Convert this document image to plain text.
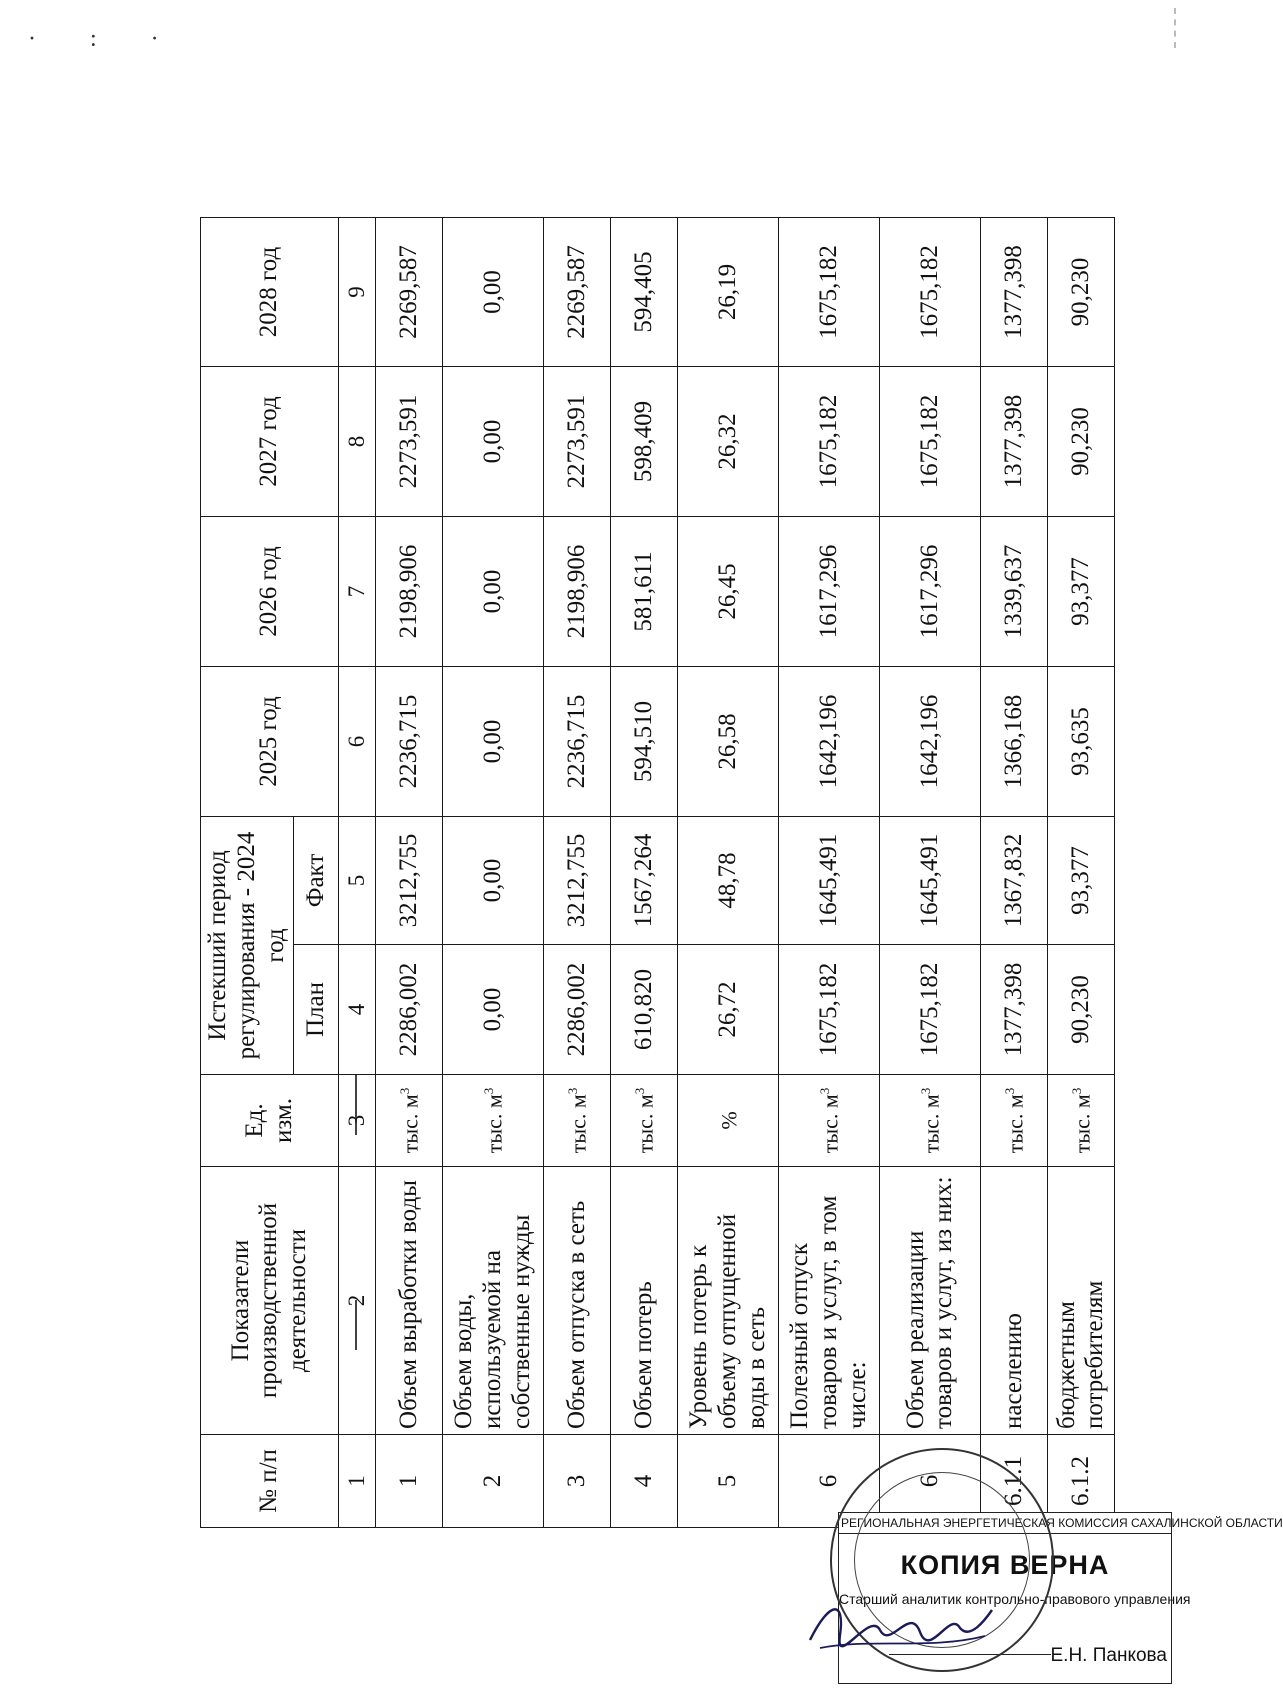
· : ·
№ п/п	Показатели производственной деятельности	Ед. изм.	Истекший период регулирования - 2024 год		2025 год	2026 год	2027 год	2028 год
			План	Факт				
1	2	3	4	5	6	7	8	9
1	Объем выработки воды	тыс. $м^3$	2286,002	3212,755	2236,715	2198,906	2273,591	2269,587
2	Объем воды, используемой на собственные нужды	тыс. $м^3$	0,00	0,00	0,00	0,00	0,00	0,00
3	Объем отпуска в сеть	тыс. $м^3$	2286,002	3212,755	2236,715	2198,906	2273,591	2269,587
4	Объем потерь	тыс. $м^3$	610,820	1567,264	594,510	581,611	598,409	594,405
5	Уровень потерь к объему отпущенной воды в сеть	%	26,72	48,78	26,58	26,45	26,32	26,19
6	Полезный отпуск товаров и услуг, в том числе:	тыс. $м^3$	1675,182	1645,491	1642,196	1617,296	1675,182	1675,182
6	Объем реализации товаров и услуг, из них:	тыс. $м^3$	1675,182	1645,491	1642,196	1617,296	1675,182	1675,182
6.1.1	населению	тыс. $м^3$	1377,398	1367,832	1366,168	1339,637	1377,398	1377,398
6.1.2	бюджетным потребителям	тыс. $м^3$	90,230	93,377	93,635	93,377	90,230	90,230
РЕГИОНАЛЬНАЯ ЭНЕРГЕТИЧЕСКАЯ КОМИССИЯ САХАЛИНСКОЙ ОБЛАСТИ
КОПИЯ ВЕРНА
Старший аналитик контрольно-правового управления
Е.Н. Панкова
